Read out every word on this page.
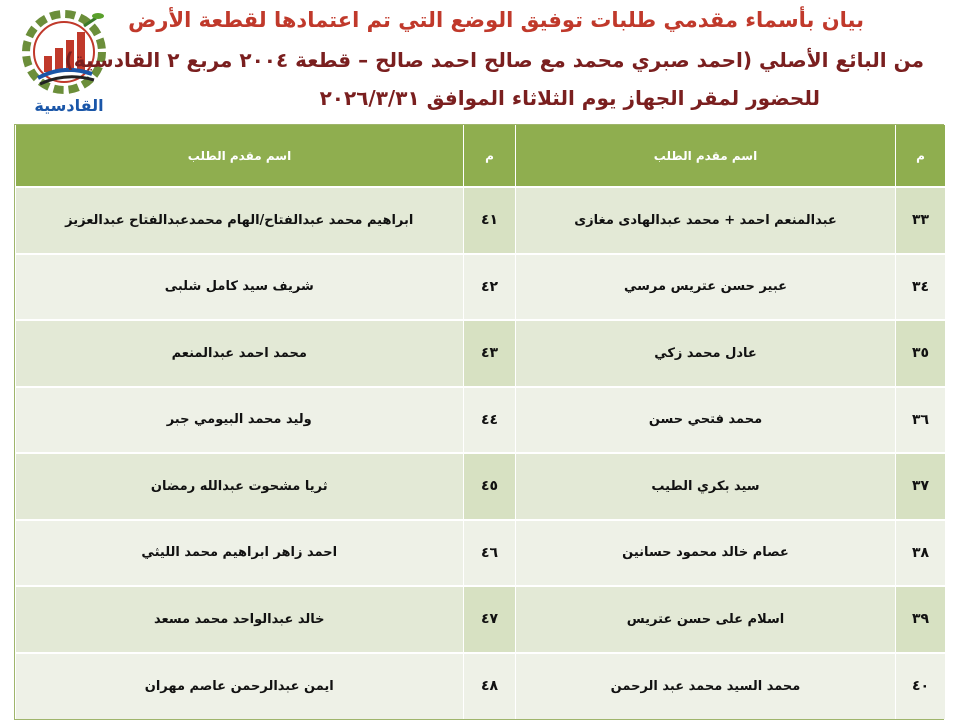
القادسية
بيان بأسماء مقدمي طلبات توفيق الوضع التي تم اعتمادها لقطعة الأرض
من البائع الأصلي (احمد صبري محمد مع صالح احمد صالح – قطعة ٢٠٠٤ مربع ٢ القادسية)
للحضور لمقر الجهاز يوم الثلاثاء الموافق ٢٠٢٦/٣/٣١
م	اسم مقدم الطلب	م	اسم مقدم الطلب
٣٣	عبدالمنعم احمد + محمد عبدالهادى مغازى	٤١	ابراهيم محمد عبدالفتاح/الهام محمدعبدالفتاح عبدالعزيز
٣٤	عبير حسن عتريس مرسي	٤٢	شريف سيد كامل شلبى
٣٥	عادل محمد زكي	٤٣	محمد احمد عبدالمنعم
٣٦	محمد فتحي حسن	٤٤	وليد محمد البيومي جبر
٣٧	سيد بكري الطيب	٤٥	ثريا مشحوت عبدالله رمضان
٣٨	عصام خالد محمود حسانين	٤٦	احمد زاهر ابراهيم محمد الليثي
٣٩	اسلام على حسن عتريس	٤٧	خالد عبدالواحد محمد مسعد
٤٠	محمد السيد محمد عبد الرحمن	٤٨	ايمن عبدالرحمن عاصم مهران
